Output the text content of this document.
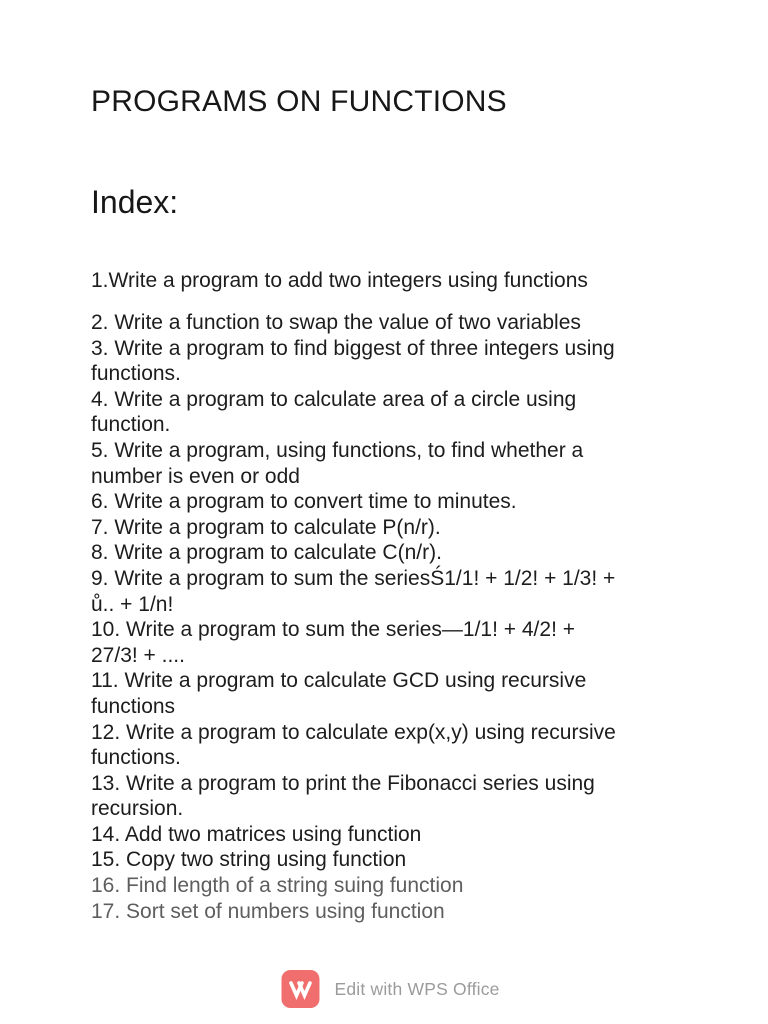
PROGRAMS ON FUNCTIONS
Index:
1.Write a program to add two integers using functions
2. Write a function to swap the value of two variables
3. Write a program to find biggest of three integers using
functions.
4. Write a program to calculate area of a circle using
function.
5. Write a program, using functions, to find whether a
number is even or odd
6. Write a program to convert time to minutes.
7. Write a program to calculate P(n/r).
8. Write a program to calculate C(n/r).
9. Write a program to sum the seriesŚ1/1! + 1/2! + 1/3! +
ů.. + 1/n!
10. Write a program to sum the series—1/1! + 4/2! +
27/3! + ....
11. Write a program to calculate GCD using recursive
functions
12. Write a program to calculate exp(x,y) using recursive
functions.
13. Write a program to print the Fibonacci series using
recursion.
14. Add two matrices using function
15. Copy two string using function
16. Find length of a string suing function
17. Sort set of numbers using function
Edit with WPS Office
